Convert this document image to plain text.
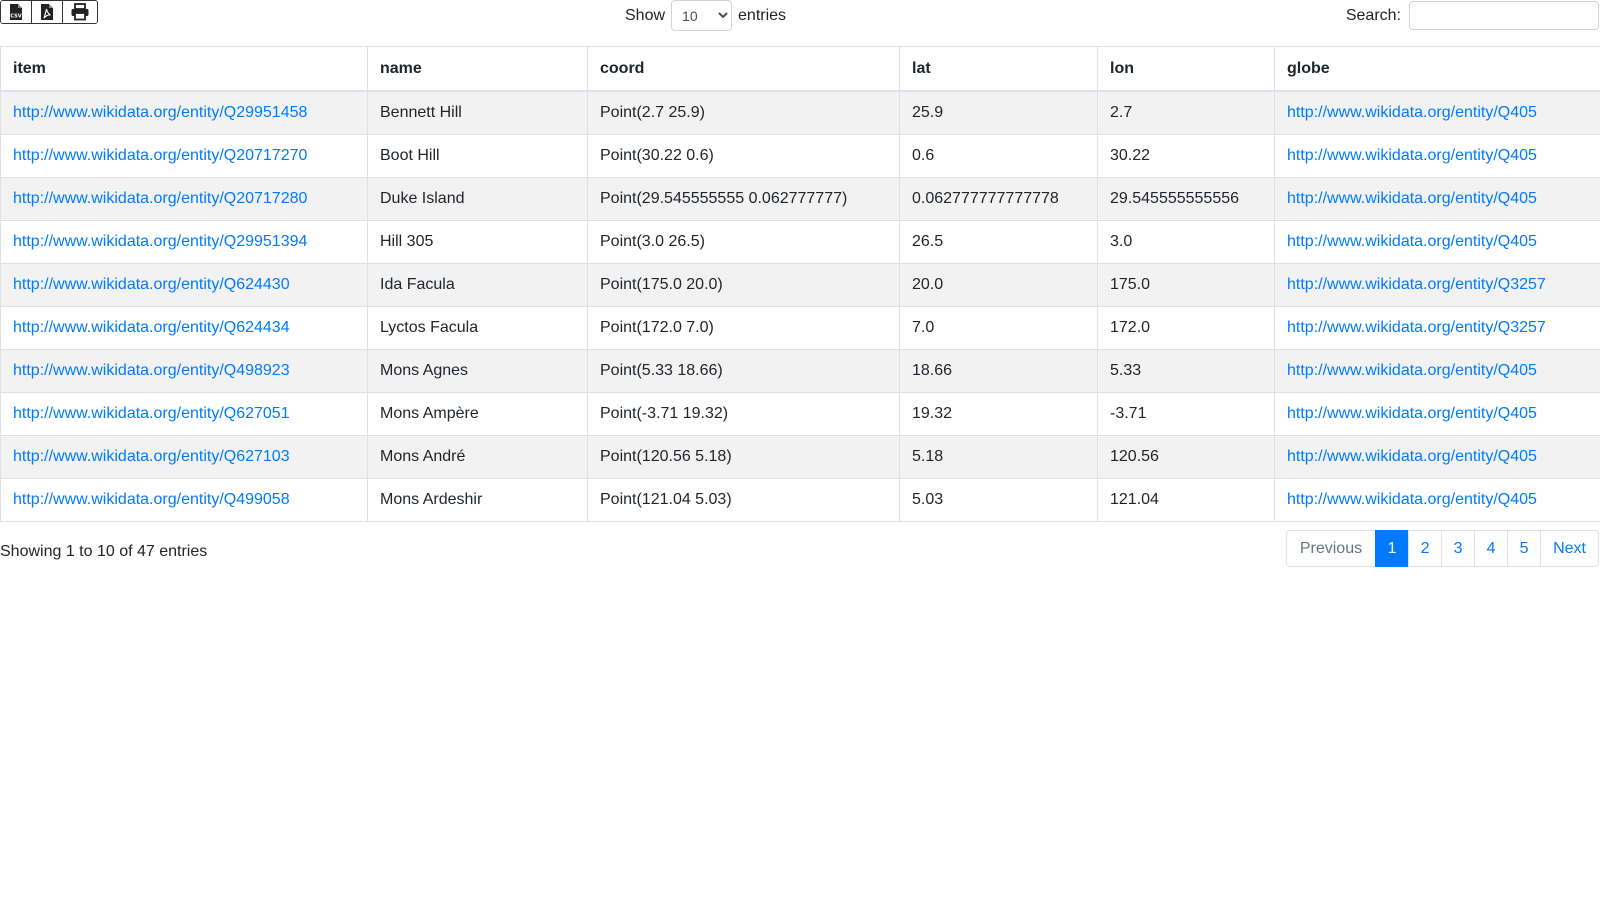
CSV	Show
10	entries	Search:
item	name	coord	lat	lon	globe
http://www.wikidata.org/entity/Q29951458	Bennett Hill	Point(2.7 25.9)	25.9	2.7	http://www.wikidata.org/entity/Q405
http://www.wikidata.org/entity/Q20717270	Boot Hill	Point(30.22 0.6)	0.6	30.22	http://www.wikidata.org/entity/Q405
http://www.wikidata.org/entity/Q20717280	Duke Island	Point(29.545555555 0.062777777)	0.062777777777778	29.545555555556	http://www.wikidata.org/entity/Q405
http://www.wikidata.org/entity/Q29951394	Hill 305	Point(3.0 26.5)	26.5	3.0	http://www.wikidata.org/entity/Q405
http://www.wikidata.org/entity/Q624430	Ida Facula	Point(175.0 20.0)	20.0	175.0	http://www.wikidata.org/entity/Q3257
http://www.wikidata.org/entity/Q624434	Lyctos Facula	Point(172.0 7.0)	7.0	172.0	http://www.wikidata.org/entity/Q3257
http://www.wikidata.org/entity/Q498923	Mons Agnes	Point(5.33 18.66)	18.66	5.33	http://www.wikidata.org/entity/Q405
http://www.wikidata.org/entity/Q627051	Mons Ampère	Point(-3.71 19.32)	19.32	-3.71	http://www.wikidata.org/entity/Q405
http://www.wikidata.org/entity/Q627103	Mons André	Point(120.56 5.18)	5.18	120.56	http://www.wikidata.org/entity/Q405
http://www.wikidata.org/entity/Q499058	Mons Ardeshir	Point(121.04 5.03)	5.03	121.04	http://www.wikidata.org/entity/Q405
Showing 1 to 10 of 47 entries	Previous	1	2	3	4	5	Next
